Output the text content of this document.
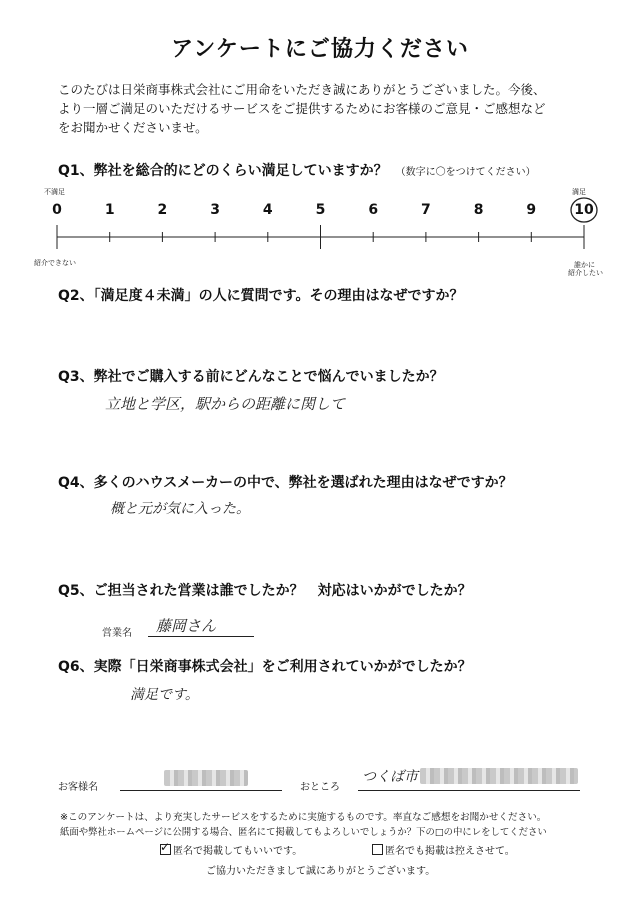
アンケートにご協力ください
このたびは日栄商事株式会社にご用命をいただき誠にありがとうございました。今後、
より一層ご満足のいただけるサービスをご提供するためにお客様のご意見・ご感想など
をお聞かせくださいませ。
Q1、弊社を総合的にどのくらい満足していますか？ （数字に〇をつけてください）
不満足
紹介できない
満足
誰かに
紹介したい
0	1	2	3	4	5	6	7	8	9	10
Q2、「満足度４未満」の人に質問です。その理由はなぜですか？
Q3、弊社でご購入する前にどんなことで悩んでいましたか？
立地と学区，駅からの距離に関して
Q4、多くのハウスメーカーの中で、弊社を選ばれた理由はなぜですか？
概と元が気に入った。
Q5、ご担当された営業は誰でしたか？　対応はいかがでしたか？
営業名 藤岡さん
Q6、実際「日栄商事株式会社」をご利用されていかがでしたか？
満足です。
お客様名	おところ
つくば市
※このアンケートは、より充実したサービスをするために実施するものです。率直なご感想をお聞かせください。
紙面や弊社ホームページに公開する場合、匿名にて掲載してもよろしいでしょうか？下の□の中にレをしてください
✓ 匿名で掲載してもいいです。	匿名でも掲載は控えさせて。
ご協力いただきまして誠にありがとうございます。
